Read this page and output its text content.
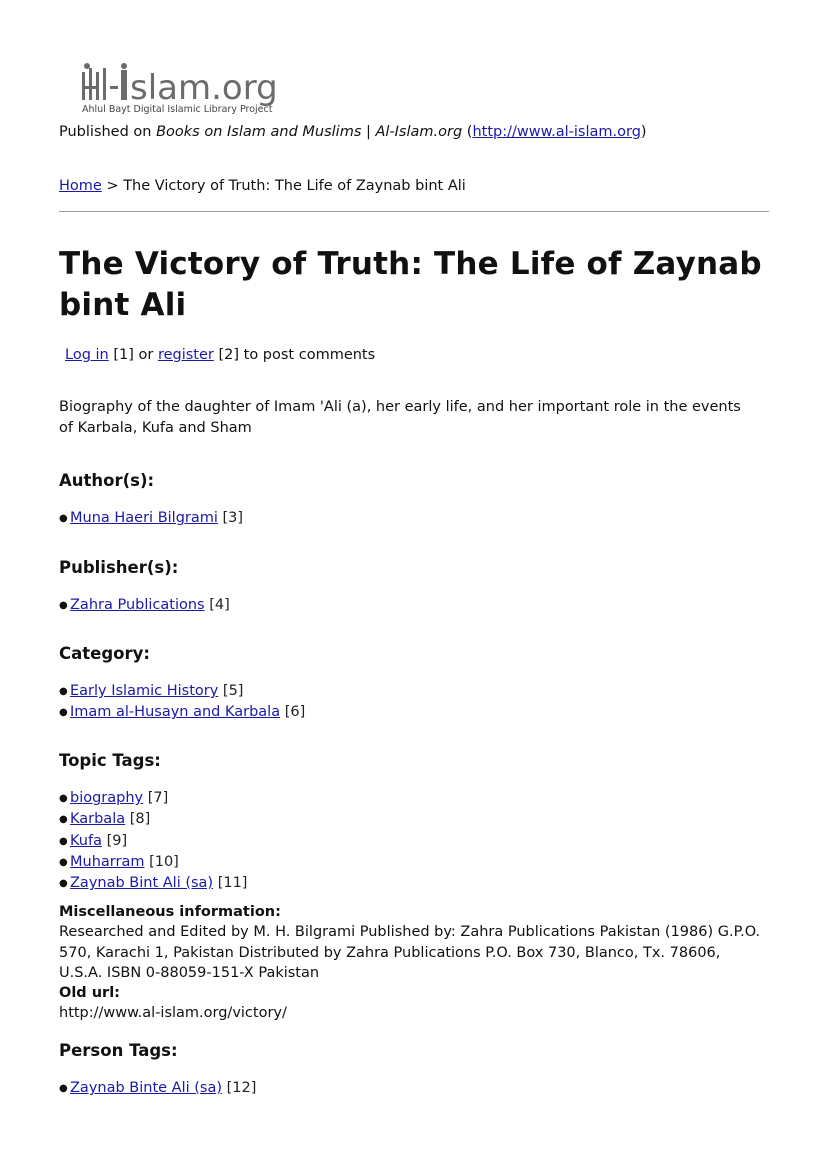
slam.org
Ahlul Bayt Digital Islamic Library Project
Published on Books on Islam and Muslims | Al-Islam.org (http://www.al-islam.org)
Home > The Victory of Truth: The Life of Zaynab bint Ali
The Victory of Truth: The Life of Zaynab bint Ali
Log in [1] or register [2] to post comments
Biography of the daughter of Imam 'Ali (a), her early life, and her important role in the events of Karbala, Kufa and Sham
Author(s):
● Muna Haeri Bilgrami [3]
Publisher(s):
● Zahra Publications [4]
Category:
● Early Islamic History [5]
● Imam al-Husayn and Karbala [6]
Topic Tags:
● biography [7]
● Karbala [8]
● Kufa [9]
● Muharram [10]
● Zaynab Bint Ali (sa) [11]
Miscellaneous information:
Researched and Edited by M. H. Bilgrami Published by: Zahra Publications Pakistan (1986) G.P.O. 570, Karachi 1, Pakistan Distributed by Zahra Publications P.O. Box 730, Blanco, Tx. 78606, U.S.A. ISBN 0-88059-151-X Pakistan
Old url:
http://www.al-islam.org/victory/
Person Tags:
● Zaynab Binte Ali (sa) [12]
